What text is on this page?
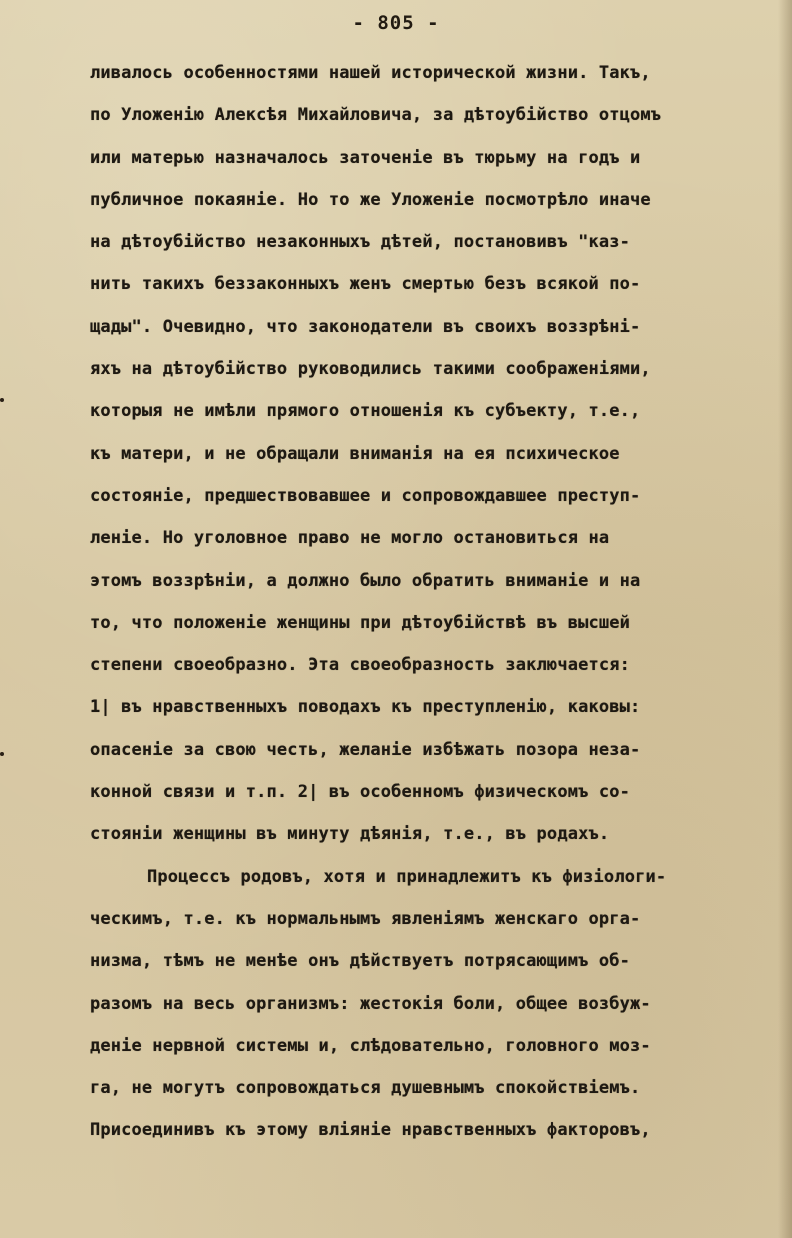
- 805 -
ливалось особенностями нашей исторической жизни. Такъ,
по Уложенію Алексѣя Михайловича, за дѣтоубійство отцомъ
или матерью назначалось заточеніе въ тюрьму на годъ и
публичное покаяніе. Но то же Уложеніе посмотрѣло иначе
на дѣтоубійство незаконныхъ дѣтей, постановивъ "каз-
нить такихъ беззаконныхъ женъ смертью безъ всякой по-
щады". Очевидно, что законодатели въ своихъ воззрѣні-
яхъ на дѣтоубійство руководились такими соображеніями,
которыя не имѣли прямого отношенія къ субъекту, т.е.,
къ матери, и не обращали вниманія на ея психическое
состояніе, предшествовавшее и сопровождавшее преступ-
леніе. Но уголовное право не могло остановиться на
этомъ воззрѣніи, а должно было обратить вниманіе и на
то, что положеніе женщины при дѣтоубійствѣ въ высшей
степени своеобразно. Эта своеобразность заключается:
1| въ нравственныхъ поводахъ къ преступленію, каковы:
опасеніе за свою честь, желаніе избѣжать позора неза-
конной связи и т.п. 2| въ особенномъ физическомъ со-
стояніи женщины въ минуту дѣянія, т.е., въ родахъ.
Процессъ родовъ, хотя и принадлежитъ къ физіологи-
ческимъ, т.е. къ нормальнымъ явленіямъ женскаго орга-
низма, тѣмъ не менѣе онъ дѣйствуетъ потрясающимъ об-
разомъ на весь организмъ: жестокія боли, общее возбуж-
деніе нервной системы и, слѣдовательно, головного моз-
га, не могутъ сопровождаться душевнымъ спокойствіемъ.
Присоединивъ къ этому вліяніе нравственныхъ факторовъ,
